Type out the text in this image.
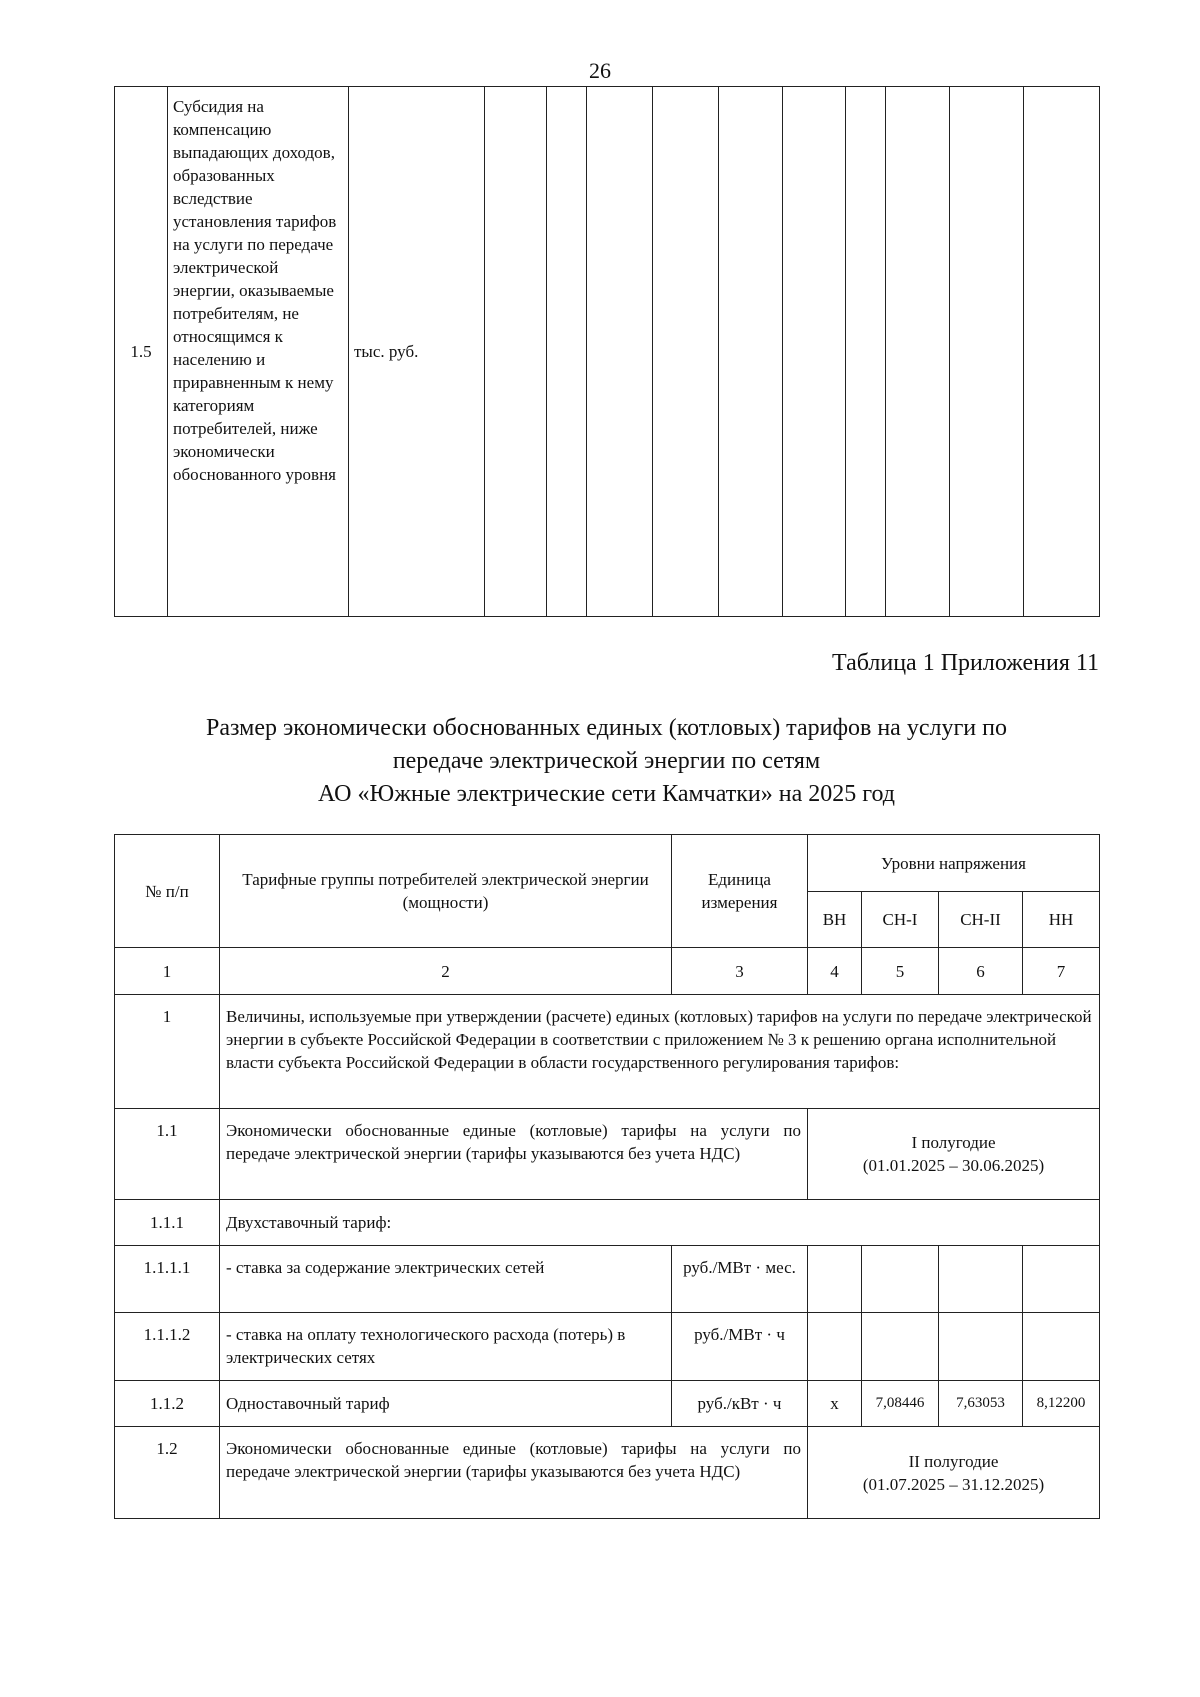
26
1.5	Субсидия на компенсацию выпадающих доходов, образованных вследствие установления тарифов на услуги по передаче электрической энергии, оказываемые потребителям, не относящимся к населению и приравненным к нему категориям потребителей, ниже экономически обоснованного уровня	тыс. руб.										
Таблица 1 Приложения 11
Размер экономически обоснованных единых (котловых) тарифов на услуги по
передаче электрической энергии по сетям
АО «Южные электрические сети Камчатки» на 2025 год
№ п/п	Тарифные группы потребителей электрической энергии (мощности)	Единица измерения	Уровни напряжения			
			ВН	СН-I	СН-II	НН
1	2	3	4	5	6	7
1	Величины, используемые при утверждении (расчете) единых (котловых) тарифов на услуги по передаче электрической энергии в субъекте Российской Федерации в соответствии с приложением № 3 к решению органа исполнительной власти субъекта Российской Федерации в области государственного регулирования тарифов:					
1.1	Экономически обоснованные единые (котловые) тарифы на услуги по передаче электрической энергии (тарифы указываются без учета НДС)		I полугодие
(01.01.2025 – 30.06.2025)			

1.1.1	Двухставочный тариф:					
1.1.1.1	- ставка за содержание электрических сетей	руб./МВт · мес.				
1.1.1.2	- ставка на оплату технологического расхода (потерь) в электрических сетях	руб./МВт · ч				
1.1.2	Одноставочный тариф	руб./кВт · ч	х	7,08446	7,63053	8,12200
1.2	Экономически обоснованные единые (котловые) тарифы на услуги по передаче электрической энергии (тарифы указываются без учета НДС)		II полугодие
(01.07.2025 – 31.12.2025)			
